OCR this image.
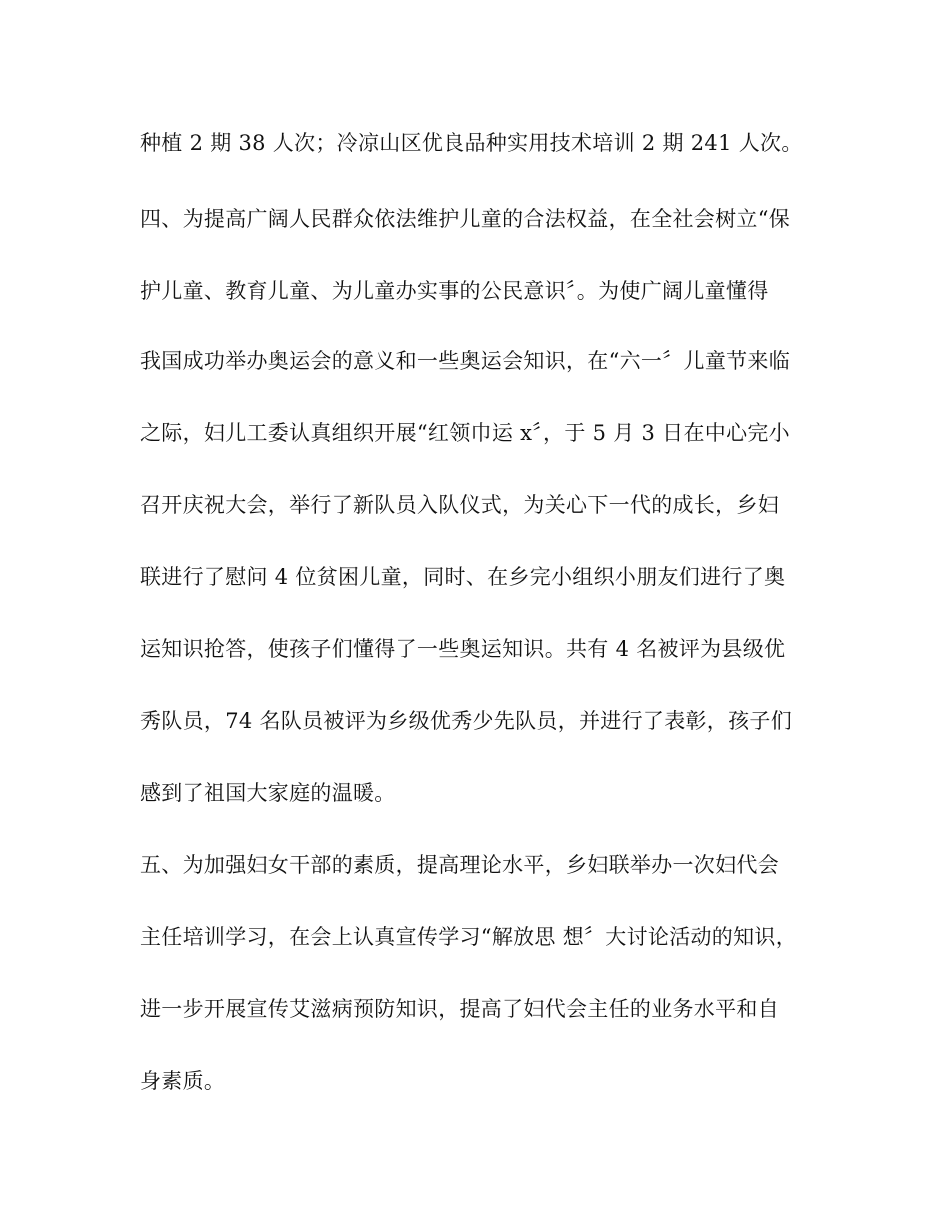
种植 2 期 38 人次；冷凉山区优良品种实用技术培训 2 期 241 人次。
四、为提高广阔人民群众依法维护儿童的合法权益，在全社会树立“保
护儿童、教育儿童、为儿童办实事的公民意识〞。为使广阔儿童懂得
我国成功举办奥运会的意义和一些奥运会知识，在“六一〞儿童节来临
之际，妇儿工委认真组织开展“红领巾运 x〞，于 5 月 3 日在中心完小
召开庆祝大会，举行了新队员入队仪式，为关心下一代的成长，乡妇
联进行了慰问 4 位贫困儿童，同时、在乡完小组织小朋友们进行了奥
运知识抢答，使孩子们懂得了一些奥运知识。共有 4 名被评为县级优
秀队员，74 名队员被评为乡级优秀少先队员，并进行了表彰，孩子们
感到了祖国大家庭的温暖。
五、为加强妇女干部的素质，提高理论水平，乡妇联举办一次妇代会
主任培训学习，在会上认真宣传学习“解放思 想〞大讨论活动的知识，
进一步开展宣传艾滋病预防知识，提高了妇代会主任的业务水平和自
身素质。
